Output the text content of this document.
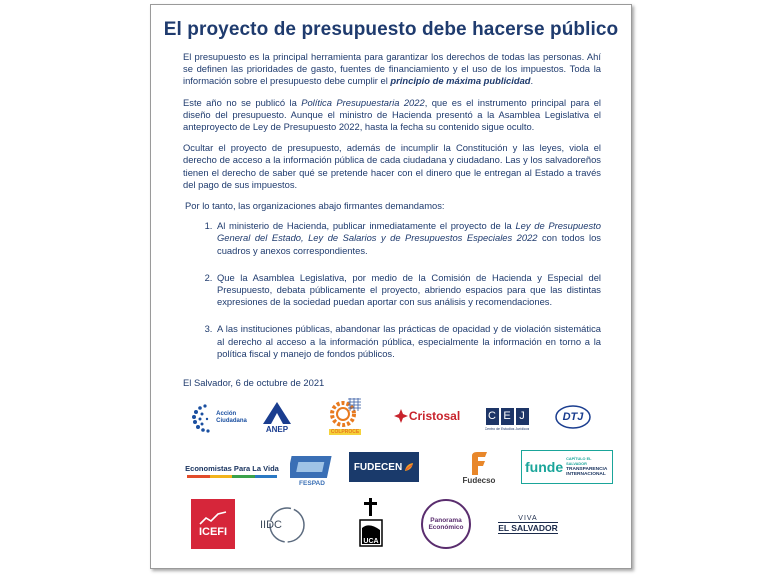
El proyecto de presupuesto debe hacerse público

El presupuesto es la principal herramienta para garantizar los derechos de todas las personas. Ahí se definen las prioridades de gasto, fuentes de financiamiento y el uso de los impuestos. Toda la información sobre el presupuesto debe cumplir el principio de máxima publicidad.

Este año no se publicó la Política Presupuestaria 2022, que es el instrumento principal para el diseño del presupuesto. Aunque el ministro de Hacienda presentó a la Asamblea Legislativa el anteproyecto de Ley de Presupuesto 2022, hasta la fecha su contenido sigue oculto.

Ocultar el proyecto de presupuesto, además de incumplir la Constitución y las leyes, viola el derecho de acceso a la información pública de cada ciudadana y ciudadano. Las y los salvadoreños tienen el derecho de saber qué se pretende hacer con el dinero que le entregan al Estado a través del pago de sus impuestos.

Por lo tanto, las organizaciones abajo firmantes demandamos:

1. Al ministerio de Hacienda, publicar inmediatamente el proyecto de la Ley de Presupuesto General del Estado, Ley de Salarios y de Presupuestos Especiales 2022 con todos los cuadros y anexos correspondientes.
2. Que la Asamblea Legislativa, por medio de la Comisión de Hacienda y Especial del Presupuesto, debata públicamente el proyecto, abriendo espacios para que las distintas expresiones de la sociedad puedan aportar con sus análisis y recomendaciones.
3. A las instituciones públicas, abandonar las prácticas de opacidad y de violación sistemática al derecho al acceso a la información pública, especialmente la información en torno a la política fiscal y manejo de fondos públicos.
El Salvador, 6 de octubre de 2021
Acción
Ciudadana
ANEP	COLPROCE
Cristosal	C E J
Centro de Estudios Jurídicos
DTJ
Economistas Para La Vida
FESPAD
FUDECEN
Fudecso
funde CAPÍTULO EL SALVADOR
TRANSPARENCIA
INTERNACIONAL
ICEFI
IIDC
UCA
Panorama
Económico
VIVA
EL SALVADOR
